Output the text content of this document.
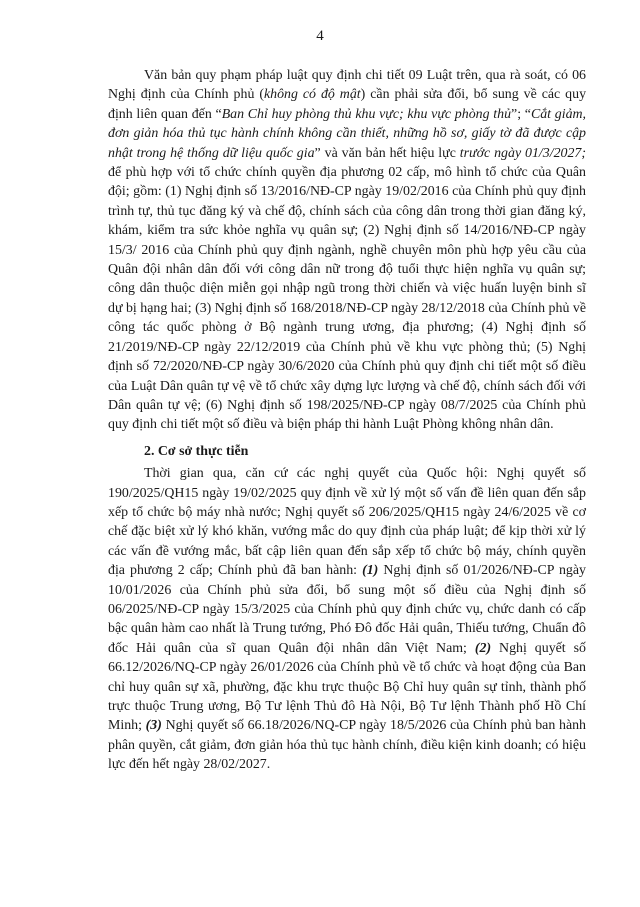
4

Văn bản quy phạm pháp luật quy định chi tiết 09 Luật trên, qua rà soát, có 06 Nghị định của Chính phủ (không có độ mật) cần phải sửa đổi, bổ sung về các quy định liên quan đến “Ban Chỉ huy phòng thủ khu vực; khu vực phòng thủ”; “Cắt giảm, đơn giản hóa thủ tục hành chính không cần thiết, những hồ sơ, giấy tờ đã được cập nhật trong hệ thống dữ liệu quốc gia” và văn bản hết hiệu lực trước ngày 01/3/2027; để phù hợp với tổ chức chính quyền địa phương 02 cấp, mô hình tổ chức của Quân đội; gồm: (1) Nghị định số 13/2016/NĐ-CP ngày 19/02/2016 của Chính phủ quy định trình tự, thủ tục đăng ký và chế độ, chính sách của công dân trong thời gian đăng ký, khám, kiểm tra sức khỏe nghĩa vụ quân sự; (2) Nghị định số 14/2016/NĐ-CP ngày 15/3/ 2016 của Chính phủ quy định ngành, nghề chuyên môn phù hợp yêu cầu của Quân đội nhân dân đối với công dân nữ trong độ tuổi thực hiện nghĩa vụ quân sự; công dân thuộc diện miễn gọi nhập ngũ trong thời chiến và việc huấn luyện binh sĩ dự bị hạng hai; (3) Nghị định số 168/2018/NĐ-CP ngày 28/12/2018 của Chính phủ về công tác quốc phòng ở Bộ ngành trung ương, địa phương; (4) Nghị định số 21/2019/NĐ-CP ngày 22/12/2019 của Chính phủ về khu vực phòng thủ; (5) Nghị định số 72/2020/NĐ-CP ngày 30/6/2020 của Chính phủ quy định chi tiết một số điều của Luật Dân quân tự vệ về tổ chức xây dựng lực lượng và chế độ, chính sách đối với Dân quân tự vệ; (6) Nghị định số 198/2025/NĐ-CP ngày 08/7/2025 của Chính phủ quy định chi tiết một số điều và biện pháp thi hành Luật Phòng không nhân dân.

2. Cơ sở thực tiễn

Thời gian qua, căn cứ các nghị quyết của Quốc hội: Nghị quyết số 190/2025/QH15 ngày 19/02/2025 quy định về xử lý một số vấn đề liên quan đến sắp xếp tổ chức bộ máy nhà nước; Nghị quyết số 206/2025/QH15 ngày 24/6/2025 về cơ chế đặc biệt xử lý khó khăn, vướng mắc do quy định của pháp luật; để kịp thời xử lý các vấn đề vướng mắc, bất cập liên quan đến sắp xếp tổ chức bộ máy, chính quyền địa phương 2 cấp; Chính phủ đã ban hành: (1) Nghị định số 01/2026/NĐ-CP ngày 10/01/2026 của Chính phủ sửa đổi, bổ sung một số điều của Nghị định số 06/2025/NĐ-CP ngày 15/3/2025 của Chính phủ quy định chức vụ, chức danh có cấp bậc quân hàm cao nhất là Trung tướng, Phó Đô đốc Hải quân, Thiếu tướng, Chuẩn đô đốc Hải quân của sĩ quan Quân đội nhân dân Việt Nam; (2) Nghị quyết số 66.12/2026/NQ-CP ngày 26/01/2026 của Chính phủ về tổ chức và hoạt động của Ban chỉ huy quân sự xã, phường, đặc khu trực thuộc Bộ Chỉ huy quân sự tỉnh, thành phố trực thuộc Trung ương, Bộ Tư lệnh Thủ đô Hà Nội, Bộ Tư lệnh Thành phố Hồ Chí Minh; (3) Nghị quyết số 66.18/2026/NQ-CP ngày 18/5/2026 của Chính phủ ban hành phân quyền, cắt giảm, đơn giản hóa thủ tục hành chính, điều kiện kinh doanh; có hiệu lực đến hết ngày 28/02/2027.
